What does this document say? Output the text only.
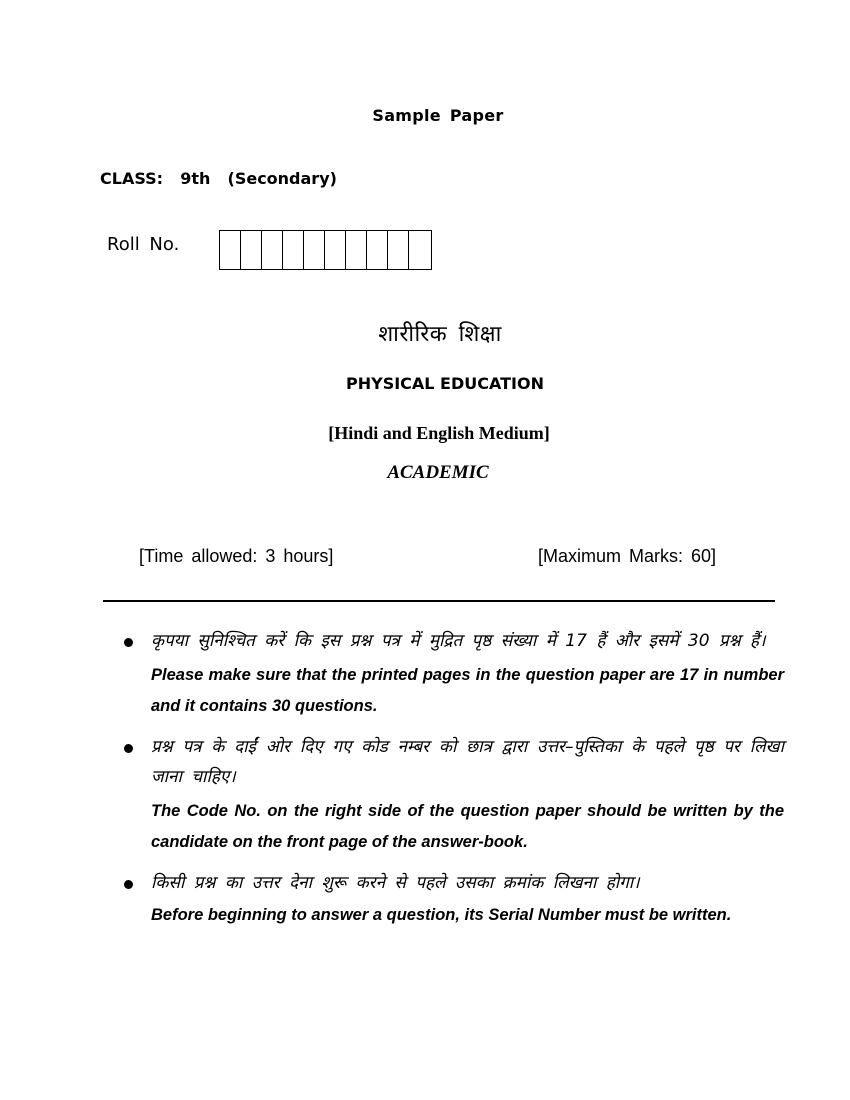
Sample Paper
CLASS:  9th  (Secondary)
Roll No.
शारीरिक शिक्षा
PHYSICAL EDUCATION
[Hindi and English Medium]
ACADEMIC
[Time allowed: 3 hours]	[Maximum Marks: 60]
कृपया सुनिश्चित करें कि इस प्रश्न पत्र में मुद्रित पृष्ठ संख्या में 17 हैं और इसमें 30 प्रश्न हैं।
Please make sure that the printed pages in the question paper are 17 in number and it contains 30 questions.
प्रश्न पत्र के दाईं ओर दिए गए कोड नम्बर को छात्र द्वारा उत्तर–पुस्तिका के पहले पृष्ठ पर लिखा जाना चाहिए।
The Code No. on the right side of the question paper should be written by the candidate on the front page of the answer-book.
किसी प्रश्न का उत्तर देना शुरू करने से पहले उसका क्रमांक लिखना होगा।
Before beginning to answer a question, its Serial Number must be written.
